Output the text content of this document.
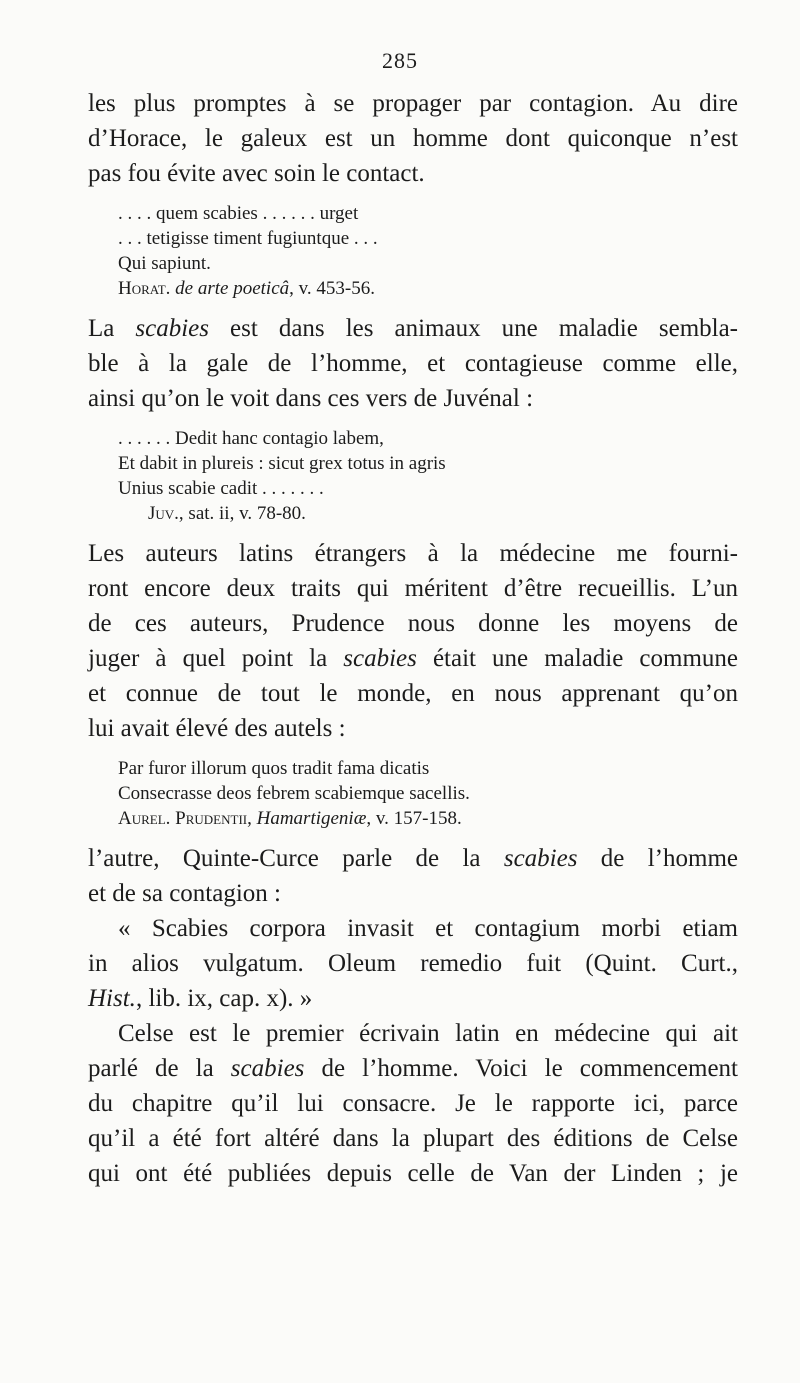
285

les plus promptes à se propager par contagion. Au dire
d’Horace, le galeux est un homme dont quiconque n’est
pas fou évite avec soin le contact.

. . . . quem scabies . . . . . . urget
. . . tetigisse timent fugiuntque . . .
Qui sapiunt.
Horat. de arte poeticâ, v. 453-56.

La scabies est dans les animaux une maladie sembla-
ble à la gale de l’homme, et contagieuse comme elle,
ainsi qu’on le voit dans ces vers de Juvénal :

. . . . . . Dedit hanc contagio labem,
Et dabit in plureis : sicut grex totus in agris
Unius scabie cadit . . . . . . .
Juv., sat. ii, v. 78-80.

Les auteurs latins étrangers à la médecine me fourni-
ront encore deux traits qui méritent d’être recueillis. L’un
de ces auteurs, Prudence nous donne les moyens de
juger à quel point la scabies était une maladie commune
et connue de tout le monde, en nous apprenant qu’on
lui avait élevé des autels :

Par furor illorum quos tradit fama dicatis
Consecrasse deos febrem scabiemque sacellis.
Aurel. Prudentii, Hamartigeniæ, v. 157-158.

l’autre, Quinte-Curce parle de la scabies de l’homme
et de sa contagion :

« Scabies corpora invasit et contagium morbi etiam
in alios vulgatum. Oleum remedio fuit (Quint. Curt.,
Hist., lib. ix, cap. x). »

Celse est le premier écrivain latin en médecine qui ait
parlé de la scabies de l’homme. Voici le commencement
du chapitre qu’il lui consacre. Je le rapporte ici, parce
qu’il a été fort altéré dans la plupart des éditions de Celse
qui ont été publiées depuis celle de Van der Linden ; je
